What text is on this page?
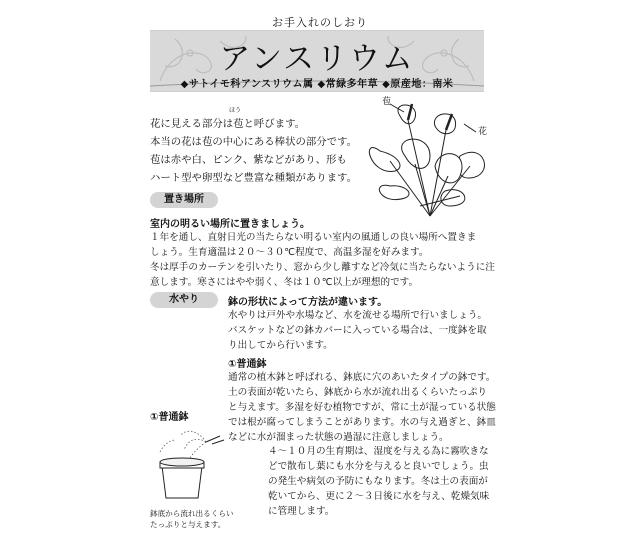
お手入れのしおり
アンスリウム
◆サトイモ科アンスリウム属 ◆常緑多年草 ◆原産地：南米
ほう
花に見える部分は苞と呼びます。
本当の花は苞の中心にある棒状の部分です。
苞は赤や白、ピンク、紫などがあり、形も
ハート型や卵型など豊富な種類があります。
苞
花
置き場所
室内の明るい場所に置きましょう。
１年を通し、直射日光の当たらない明るい室内の風通しの良い場所へ置きま
しょう。生育適温は２０～３０℃程度で、高温多湿を好みます。
冬は厚手のカーテンを引いたり、窓から少し離すなど冷気に当たらないように注
意します。寒さにはやや弱く、冬は１０℃以上が理想的です。
水やり	鉢の形状によって方法が違います。
水やりは戸外や水場など、水を流せる場所で行いましょう。
バスケットなどの鉢カバーに入っている場合は、一度鉢を取
り出してから行います。
①普通鉢
通常の植木鉢と呼ばれる、鉢底に穴のあいたタイプの鉢です。
土の表面が乾いたら、鉢底から水が流れ出るくらいたっぷり
と与えます。多湿を好む植物ですが、常に土が湿っている状態
では根が腐ってしまうことがあります。水の与え過ぎと、鉢皿
などに水が溜まった状態の過湿に注意しましょう。
４～１０月の生育期は、湿度を与える為に霧吹きな
どで散布し葉にも水分を与えると良いでしょう。虫
の発生や病気の予防にもなります。冬は土の表面が
乾いてから、更に２～３日後に水を与え、乾燥気味
に管理します。
①普通鉢
鉢底から流れ出るくらい
たっぷりと与えます。
